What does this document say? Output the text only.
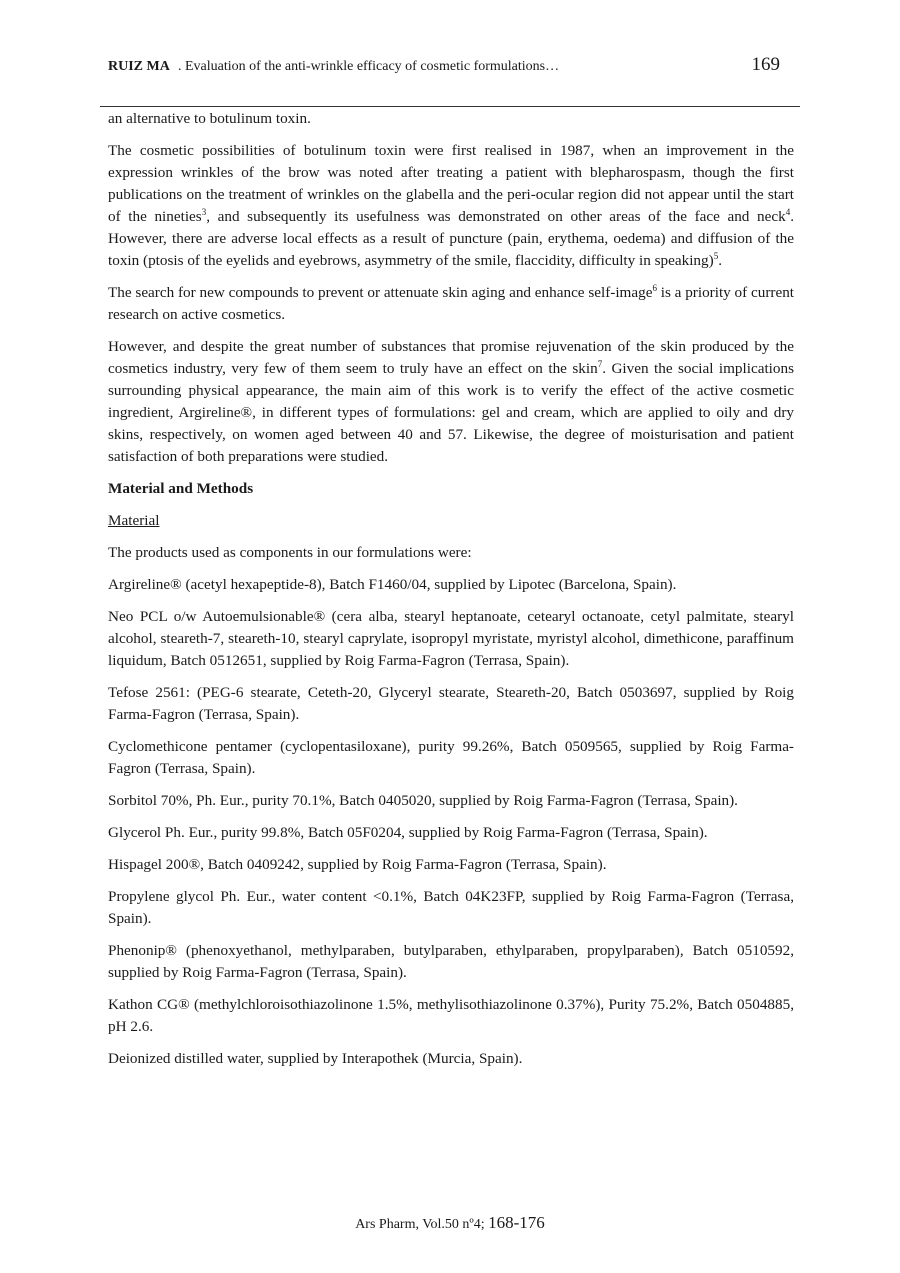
RUIZ MA . Evaluation of the anti-wrinkle efficacy of cosmetic formulations…	169

an alternative to botulinum toxin.

The cosmetic possibilities of botulinum toxin were first realised in 1987, when an improvement in the expression wrinkles of the brow was noted after treating a patient with blepharospasm, though the first publications on the treatment of wrinkles on the glabella and the peri-ocular region did not appear until the start of the nineties$^3$, and subsequently its usefulness was demonstrated on other areas of the face and neck$^4$. However, there are adverse local effects as a result of puncture (pain, erythema, oedema) and diffusion of the toxin (ptosis of the eyelids and eyebrows, asymmetry of the smile, flaccidity, difficulty in speaking)$^5$.

The search for new compounds to prevent or attenuate skin aging and enhance self-image$^6$ is a priority of current research on active cosmetics.

However, and despite the great number of substances that promise rejuvenation of the skin produced by the cosmetics industry, very few of them seem to truly have an effect on the skin$^7$. Given the social implications surrounding physical appearance, the main aim of this work is to verify the effect of the active cosmetic ingredient, Argireline®, in different types of formulations: gel and cream, which are applied to oily and dry skins, respectively, on women aged between 40 and 57. Likewise, the degree of moisturisation and patient satisfaction of both preparations were studied.

Material and Methods

Material

The products used as components in our formulations were:

Argireline® (acetyl hexapeptide-8), Batch F1460/04, supplied by Lipotec (Barcelona, Spain).

Neo PCL o/w Autoemulsionable® (cera alba, stearyl heptanoate, cetearyl octanoate, cetyl palmitate, stearyl alcohol, steareth-7, steareth-10, stearyl caprylate, isopropyl myristate, myristyl alcohol, dimethicone, paraffinum liquidum, Batch 0512651, supplied by Roig Farma-Fagron (Terrasa, Spain).

Tefose 2561: (PEG-6 stearate, Ceteth-20, Glyceryl stearate, Steareth-20, Batch 0503697, supplied by Roig Farma-Fagron (Terrasa, Spain).

Cyclomethicone pentamer (cyclopentasiloxane), purity 99.26%, Batch 0509565, supplied by Roig Farma-Fagron (Terrasa, Spain).

Sorbitol 70%, Ph. Eur., purity 70.1%, Batch 0405020, supplied by Roig Farma-Fagron (Terrasa, Spain).

Glycerol Ph. Eur., purity 99.8%, Batch 05F0204, supplied by Roig Farma-Fagron (Terrasa, Spain).

Hispagel 200®, Batch 0409242, supplied by Roig Farma-Fagron (Terrasa, Spain).

Propylene glycol Ph. Eur., water content <0.1%, Batch 04K23FP, supplied by Roig Farma-Fagron (Terrasa, Spain).

Phenonip® (phenoxyethanol, methylparaben, butylparaben, ethylparaben, propylparaben), Batch 0510592, supplied by Roig Farma-Fagron (Terrasa, Spain).

Kathon CG® (methylchloroisothiazolinone 1.5%, methylisothiazolinone 0.37%), Purity 75.2%, Batch 0504885, pH 2.6.

Deionized distilled water, supplied by Interapothek (Murcia, Spain).

Ars Pharm, Vol.50 nº4; 168-176
